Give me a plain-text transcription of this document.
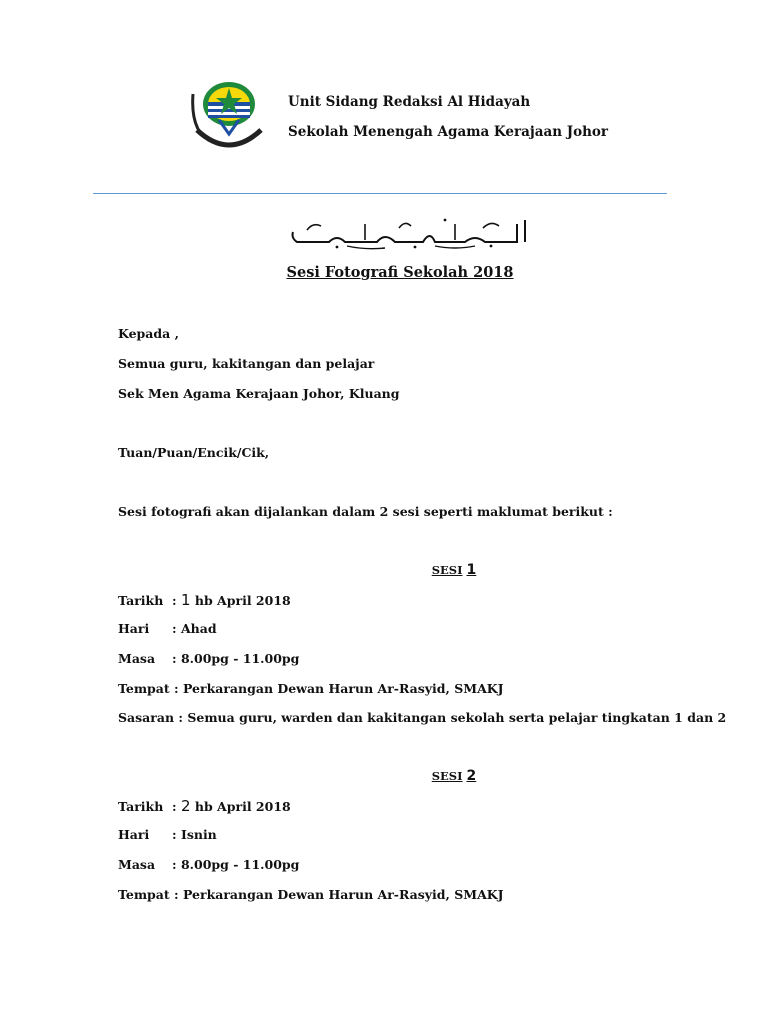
Unit Sidang Redaksi Al Hidayah
Sekolah Menengah Agama Kerajaan Johor
Sesi Fotografi Sekolah 2018
Kepada ,
Semua guru, kakitangan dan pelajar
Sek Men Agama Kerajaan Johor, Kluang
Tuan/Puan/Encik/Cik,
Sesi fotografi akan dijalankan dalam 2 sesi seperti maklumat berikut :
SESI 1
Tarikh : 1 hb April 2018
Hari : Ahad
Masa : 8.00pg - 11.00pg
Tempat : Perkarangan Dewan Harun Ar-Rasyid, SMAKJ
Sasaran : Semua guru, warden dan kakitangan sekolah serta pelajar tingkatan 1 dan 2
SESI 2
Tarikh : 2 hb April 2018
Hari : Isnin
Masa : 8.00pg - 11.00pg
Tempat : Perkarangan Dewan Harun Ar-Rasyid, SMAKJ
